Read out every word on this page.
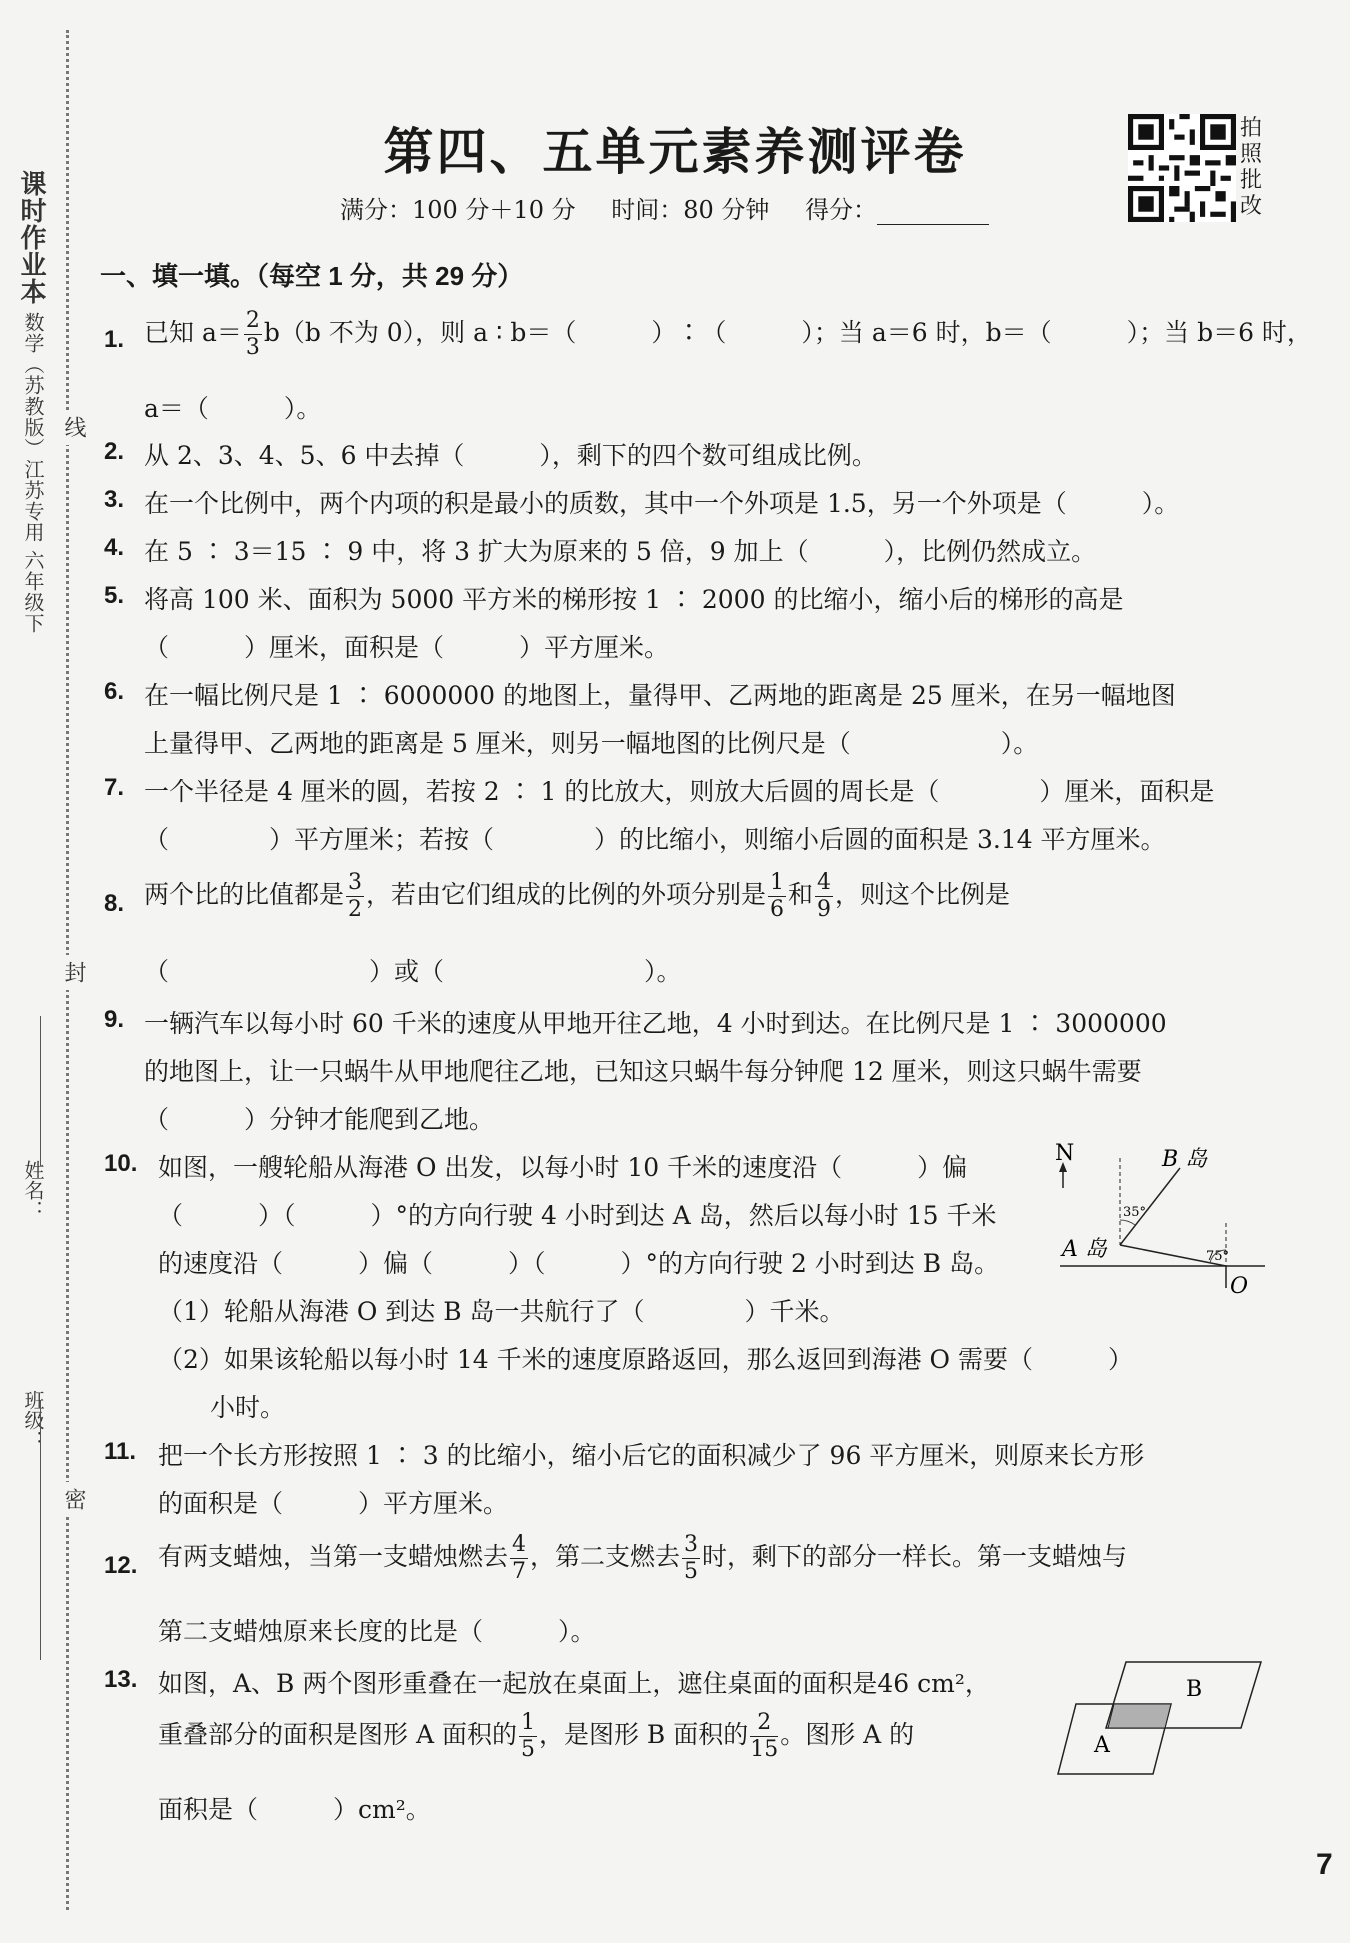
课时作业本 数学（苏教版）江苏专用 六年级下 线
封
密
姓名：
班级：
第四、五单元素养测评卷
满分：100 分＋10 分 时间：80 分钟 得分：
拍照批改
一、填一填。（每空 1 分，共 29 分）
1. 已知 $a= \frac{2}{3} b(b$ 不为 0），则 a ∶ b＝（　　　）∶（　　　）；当 a＝6 时，b＝（　　　）；当 b＝6 时，
a＝（　　　）。
2. 从 2、3、4、5、6 中去掉（　　　），剩下的四个数可组成比例。
3. 在一个比例中，两个内项的积是最小的质数，其中一个外项是 1.5，另一个外项是（　　　）。
4. 在 5 ∶ 3＝15 ∶ 9 中，将 3 扩大为原来的 5 倍，9 加上（　　　），比例仍然成立。
5. 将高 100 米、面积为 5000 平方米的梯形按 1 ∶ 2000 的比缩小，缩小后的梯形的高是
（　　　）厘米，面积是（　　　）平方厘米。
6. 在一幅比例尺是 1 ∶ 6000000 的地图上，量得甲、乙两地的距离是 25 厘米，在另一幅地图
上量得甲、乙两地的距离是 5 厘米，则另一幅地图的比例尺是（　　　　　　）。
7. 一个半径是 4 厘米的圆，若按 2 ∶ 1 的比放大，则放大后圆的周长是（　　　　）厘米，面积是
（　　　　）平方厘米；若按（　　　　）的比缩小，则缩小后圆的面积是 3.14 平方厘米。
8. 两个比的比值都是 $\frac{3}{2}$ ，若由它们组成的比例的外项分别是 $\frac{1}{6}$ 和 $\frac{4}{9}$ ，则这个比例是
（　　　　　　　　）或（　　　　　　　　）。
9. 一辆汽车以每小时 60 千米的速度从甲地开往乙地，4 小时到达。在比例尺是 1 ∶ 3000000
的地图上，让一只蜗牛从甲地爬往乙地，已知这只蜗牛每分钟爬 12 厘米，则这只蜗牛需要
（　　　）分钟才能爬到乙地。
10. 如图，一艘轮船从海港 O 出发，以每小时 10 千米的速度沿（　　　）偏
（　　　）（　　　）°的方向行驶 4 小时到达 A 岛，然后以每小时 15 千米
的速度沿（　　　）偏（　　　）（　　　）°的方向行驶 2 小时到达 B 岛。
（1）轮船从海港 O 到达 B 岛一共航行了（　　　　）千米。
（2）如果该轮船以每小时 14 千米的速度原路返回，那么返回到海港 O 需要（　　　）
小时。
N	B 岛
A 岛
O
35°
75°
11. 把一个长方形按照 1 ∶ 3 的比缩小，缩小后它的面积减少了 96 平方厘米，则原来长方形
的面积是（　　　）平方厘米。
12. 有两支蜡烛，当第一支蜡烛燃去 $\frac{4}{7}$ ，第二支燃去 $\frac{3}{5}$ 时，剩下的部分一样长。第一支蜡烛与
第二支蜡烛原来长度的比是（　　　）。
13. 如图，A、B 两个图形重叠在一起放在桌面上，遮住桌面的面积是46 cm²，
重叠部分的面积是图形 A 面积的 $\frac{1}{5}$ ，是图形 B 面积的 $\frac{2}{15}$ 。图形 A 的
面积是（　　　）cm²。
A
B
7
